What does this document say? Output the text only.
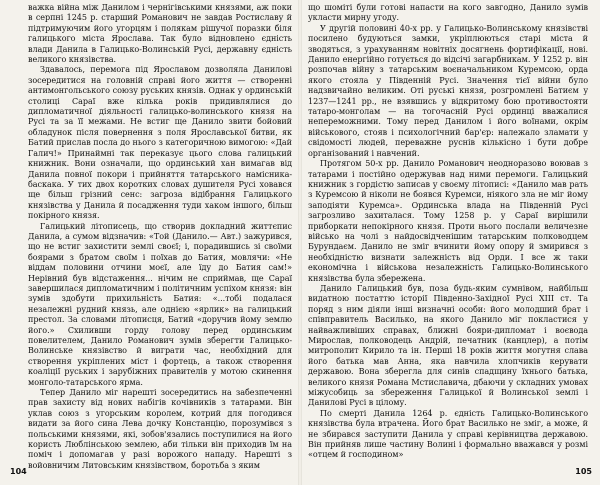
важка війна між Данилом і чернігівськими князями, аж поки в серпні 1245 р. старший Романович не завдав Ростиславу й підтримуючим його угорцям і полякам рішучої поразки біля галицького міста Ярослава. Так було відновлено єдність влади Данила в Галицько-Волинській Русі, державну єдність великого князівства.

Здавалось, перемога під Ярославом дозволяла Данилові зосередитися на головній справі його життя — створенні антимонгольського союзу руських князів. Однак у ординській столиці Сараї вже кілька років придивлялися до дипломатичної діяльності галицько-волинського князя на Русі та за її межами. Не встиг ще Данило звити бойовий обладунок після повернення з поля Ярославської битви, як Батий прислав посла до нього з категоричною вимогою: «Дай Галич!» Принаймні так переказує цього слова галицький книжник. Вони означали, що ординський хан вимагав від Данила повної покори і прийняття татарського намісника-баскака. У тих двох коротких словах душителя Русі ховався ще більш грізний сенс: загроза відібрання Галицького князівства у Данила й посадження туди хаком іншого, більш покірного князя.

Галицький літописець, що створив докладний життєпис Данила, а сумом відзначив: «Той (Данило.— Авт.) зажурився, що не встиг захистити землі своєї; і, порадившись зі своїми боярами з братом своїм і поїхав до Батия, мовлячи: «Не віддам половини отчини моєї, але їду до Батия сам!» Нерівний був відстаження... нічим не сприймав, ще Сараї завершилася дипломатичним і політичним успіхом князя: він зумів здобути прихильність Батия: «...тобі подалася незалежні рудний князь, але однією «ярлик» на галицький престол. За словами літописця, Батий «доручив йому землю його.» Схиливши горду голову перед ординським повелителем, Данило Романович зумів зберегти Галицько-Волинське князівство й виграти час, необхідний для створення укріплених міст і фортець, а також створення коаліції руських і зарубіжних правителів у мотою скинення монголо-татарського ярма.

Тепер Данило міг нарешті зосередитись на забезпеченні прав захисту від нових набігів кочівників з татарами. Він уклав союз з угорським королем, котрий для погодився видати за його сина Лева дочку Констанцію, порозумівся з польськими князями, які, зобов'язались поступилися на його користь Люблінською землею, аби тільки він приходив їм на поміч і допомагав у разі ворожого нападу. Нарешті з войовничим Литовським князівством, боротьба з яким

що шоміті були готові напасти на кого завгодно, Данило зумів укласти мирну угоду.

У другій половині 40-х рр. у Галицько-Волинському князівстві посилено будуються замки, укріплюються старі міста й зводяться, з урахуванням новітніх досягнень фортифікації, нові. Данило енергійно готується до відсічі загарбникам. У 1252 р. він розпочав війну з татарським воєначальником Куремсою, орда якого стояла у Південній Русі. Значення тієї війни було надзвичайно великим. Оті руські князя, розгромлені Батиєм у 1237—1241 рр., не взявшись у відкритому бою противостояти татаро-монголам — на тогочасній Русі ординці вважалися непереможними. Тому перед Данилом і його воїнами, окрім військового, стояв і психологічний бар'єр: належало зламати у свідомості людей, переважне руснів кількісно і бути добре організований і навчений.

Протягом 50-х рр. Данило Романович неодноразово воював з татарами і постійно одержував над ними перемоги. Галицький книжник з гордістю записав у своєму літописі: «Данило мав рать з Куремсою й ніколи не боявся Куремси, ніякого зла не міг йому заподіяти Куремса». Ординська влада на Південній Русі загрозливо захиталася. Тому 1258 р. у Сараї вирішили приборкати непокірного князя. Проти нього послали величезне військо на чолі з найдосвідченішим татарським полководцем Бурундаєм. Данило не зміг вчинити йому опору й змирився з необхідністю визнати залежність від Орди. І все ж таки економічна і військова незалежність Галицько-Волинського князівства була збережена.

Данило Галицький був, поза будь-яким сумнівом, найбільш видатною постаттю історії Південно-Західної Русі XIII ст. Та поряд з ним діяли інші визначні особи: його молодший брат і співправитель Василько, на якого Данило міг покластися у найважливіших справах, ближні бояри-дипломат і воєвода Мирослав, полководець Андрій, печатник (канцлер), а потім митрополит Кирило та ін. Перші 18 років життя могутня слава його батька мав Анна, яка навчила хлопчиків керувати державою. Вона зберегла для синів спадщину їхнього батька, великого князя Романа Мстиславича, дбаючи у складних умовах міжусобиць за збереження Галицької й Волинської землі і Данилові Русі в цілому.

По смерті Данила 1264 р. єдність Галицько-Волинського князівства була втрачена. Його брат Василько не зміг, а може, й не збирався заступити Данила у справі керівництва державою. Він прийняв лише частину Волині і формально вважався у розмі «отцем й господином»

104	105
